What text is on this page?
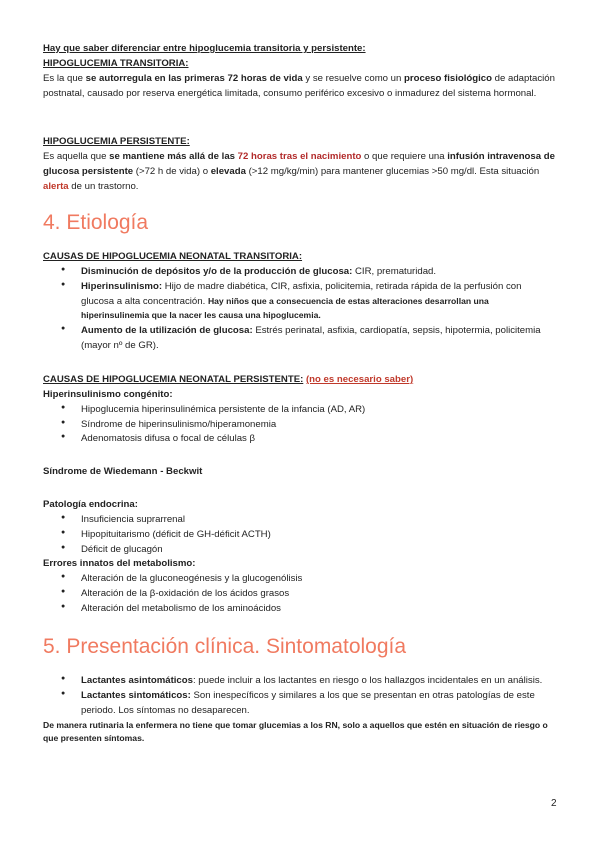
Hay que saber diferenciar entre hipoglucemia transitoria y persistente:

HIPOGLUCEMIA TRANSITORIA:

Es la que se autorregula en las primeras 72 horas de vida y se resuelve como un proceso fisiológico de adaptación postnatal, causado por reserva energética limitada, consumo periférico excesivo o inmadurez del sistema hormonal.

HIPOGLUCEMIA PERSISTENTE:

Es aquella que se mantiene más allá de las 72 horas tras el nacimiento o que requiere una infusión intravenosa de glucosa persistente (>72 h de vida) o elevada (>12 mg/kg/min) para mantener glucemias >50 mg/dl. Esta situación alerta de un trastorno.

4. Etiología

CAUSAS DE HIPOGLUCEMIA NEONATAL TRANSITORIA:

● Disminución de depósitos y/o de la producción de glucosa: CIR, prematuridad.
● Hiperinsulinismo: Hijo de madre diabética, CIR, asfixia, policitemia, retirada rápida de la perfusión con glucosa a alta concentración. Hay niños que a consecuencia de estas alteraciones desarrollan una hiperinsulinemia que la nacer les causa una hipoglucemia.
● Aumento de la utilización de glucosa: Estrés perinatal, asfixia, cardiopatía, sepsis, hipotermia, policitemia (mayor nº de GR).

CAUSAS DE HIPOGLUCEMIA NEONATAL PERSISTENTE: (no es necesario saber)

Hiperinsulinismo congénito:

● Hipoglucemia hiperinsulinémica persistente de la infancia (AD, AR)
● Síndrome de hiperinsulinismo/hiperamonemia
● Adenomatosis difusa o focal de células β

Síndrome de Wiedemann - Beckwit

Patología endocrina:

● Insuficiencia suprarrenal
● Hipopituitarismo (déficit de GH-déficit ACTH)
● Déficit de glucagón

Errores innatos del metabolismo:

● Alteración de la gluconeogénesis y la glucogenólisis
● Alteración de la β-oxidación de los ácidos grasos
● Alteración del metabolismo de los aminoácidos
5. Presentación clínica. Sintomatología
● Lactantes asintomáticos: puede incluir a los lactantes en riesgo o los hallazgos incidentales en un análisis.
● Lactantes sintomáticos: Son inespecíficos y similares a los que se presentan en otras patologías de este periodo. Los síntomas no desaparecen.

De manera rutinaria la enfermera no tiene que tomar glucemias a los RN, solo a aquellos que estén en situación de riesgo o que presenten síntomas.

2
